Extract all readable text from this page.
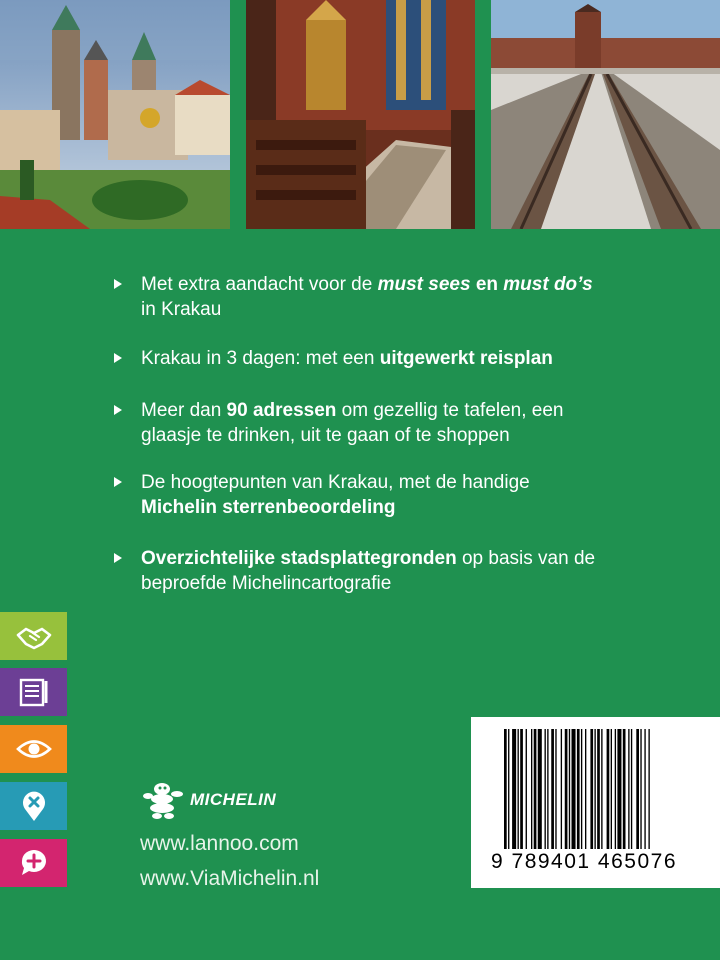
Met extra aandacht voor de must sees en must do’s
in Krakau
Krakau in 3 dagen: met een uitgewerkt reisplan
Meer dan 90 adressen om gezellig te tafelen, een glaasje te drinken, uit te gaan of te shoppen
De hoogtepunten van Krakau, met de handige Michelin sterrenbeoordeling
Overzichtelijke stadsplattegronden op basis van de beproefde Michelincartografie
MICHELIN
www.lannoo.com
www.ViaMichelin.nl
9 789401 465076
